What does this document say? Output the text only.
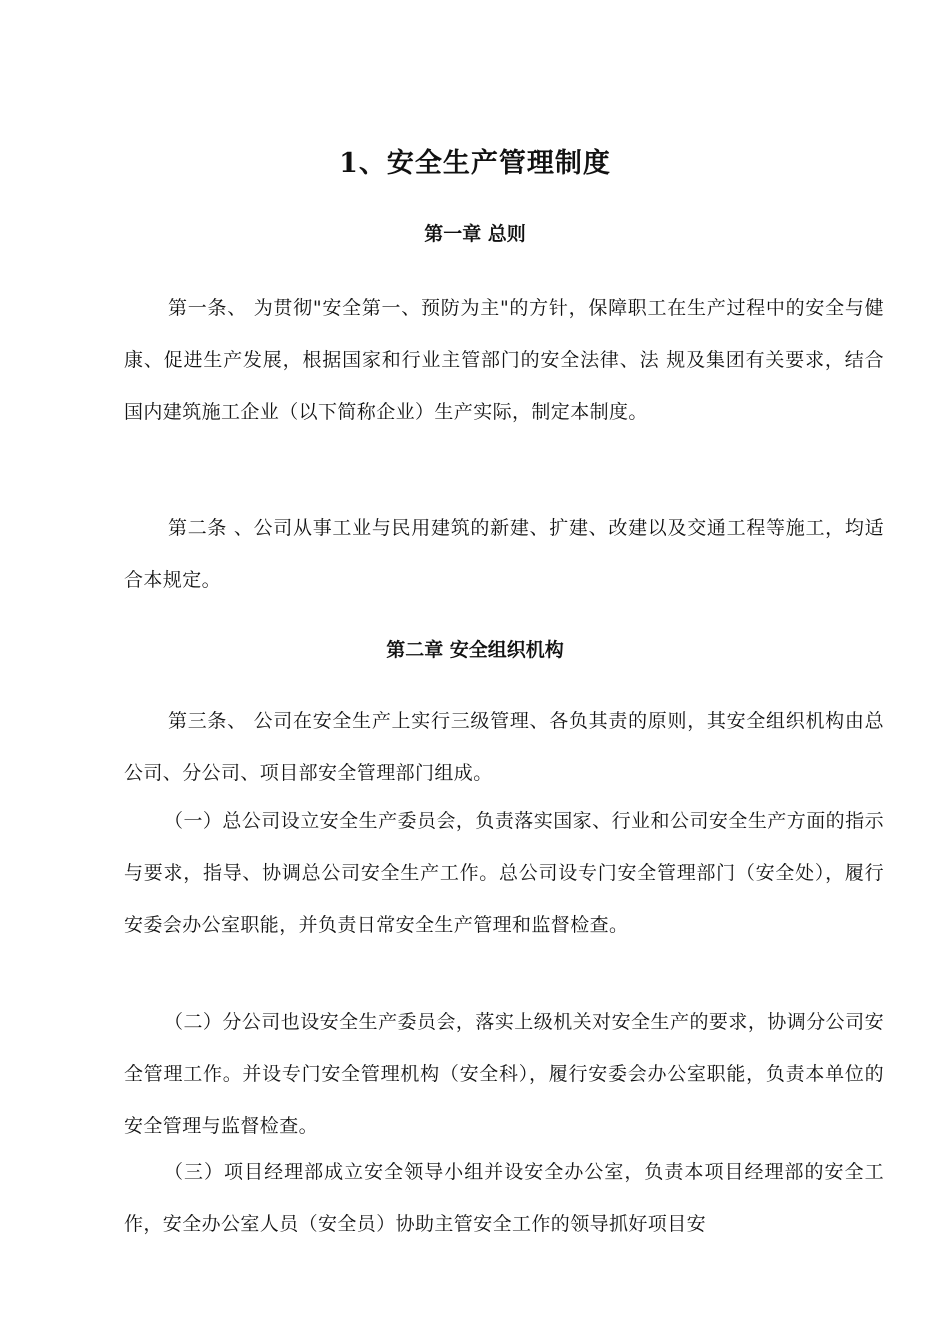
1、安全生产管理制度
第一章 总则

第一条、 为贯彻"安全第一、预防为主"的方针，保障职工在生产过程中的安全与健康、促进生产发展，根据国家和行业主管部门的安全法律、法 规及集团有关要求，结合国内建筑施工企业（以下简称企业）生产实际，制定本制度。

第二条 、公司从事工业与民用建筑的新建、扩建、改建以及交通工程等施工，均适合本规定。

第二章 安全组织机构

第三条、 公司在安全生产上实行三级管理、各负其责的原则，其安全组织机构由总公司、分公司、项目部安全管理部门组成。

（一）总公司设立安全生产委员会，负责落实国家、行业和公司安全生产方面的指示与要求，指导、协调总公司安全生产工作。总公司设专门安全管理部门（安全处），履行安委会办公室职能，并负责日常安全生产管理和监督检查。

（二）分公司也设安全生产委员会，落实上级机关对安全生产的要求，协调分公司安全管理工作。并设专门安全管理机构（安全科），履行安委会办公室职能，负责本单位的安全管理与监督检查。

（三）项目经理部成立安全领导小组并设安全办公室，负责本项目经理部的安全工作，安全办公室人员（安全员）协助主管安全工作的领导抓好项目安
